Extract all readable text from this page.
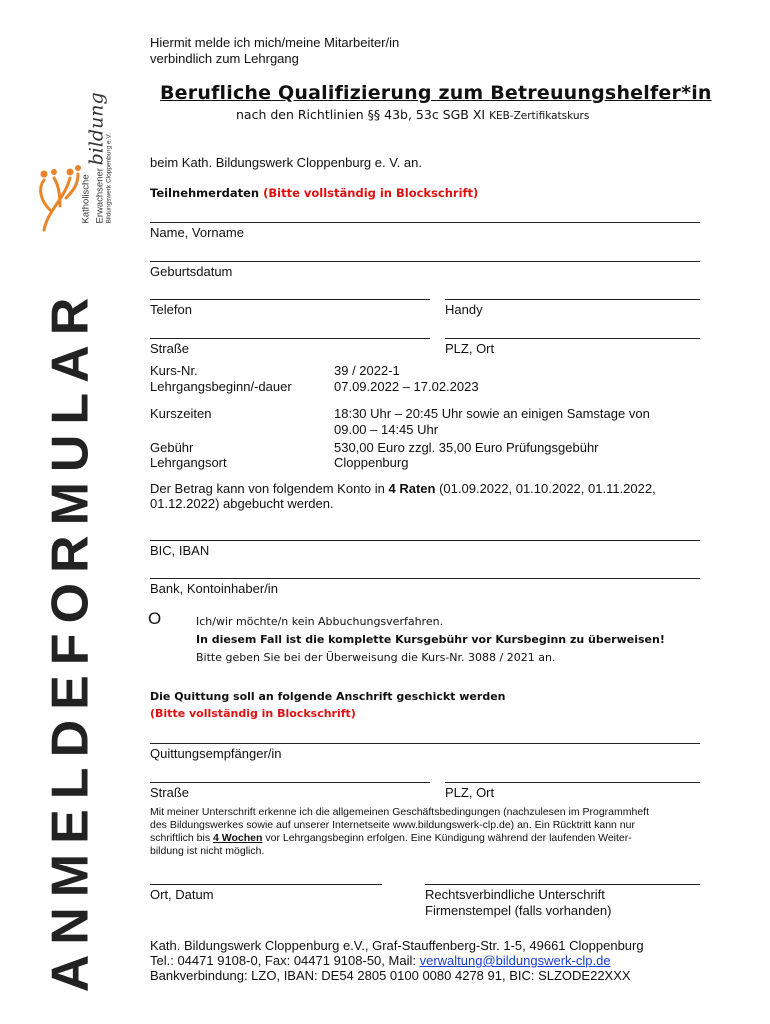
Katholische Erwachsener bildung
Bildungswerk Cloppenburg e.V.
ANMELDEFORMULAR
Hiermit melde ich mich/meine Mitarbeiter/in
verbindlich zum Lehrgang
Berufliche Qualifizierung zum Betreuungshelfer*in
nach den Richtlinien §§ 43b, 53c SGB XI KEB-Zertifikatskurs
beim Kath. Bildungswerk Cloppenburg e. V. an.
Teilnehmerdaten (Bitte vollständig in Blockschrift)
Name, Vorname
Geburtsdatum
Telefon	Handy
Straße	PLZ, Ort
Kurs-Nr.	39 / 2022-1
Lehrgangsbeginn/-dauer	07.09.2022 – 17.02.2023
Kurszeiten	18:30 Uhr – 20:45 Uhr sowie an einigen Samstage von
09.00 – 14:45 Uhr
Gebühr	530,00 Euro zzgl. 35,00 Euro Prüfungsgebühr
Lehrgangsort	Cloppenburg
Der Betrag kann von folgendem Konto in 4 Raten (01.09.2022, 01.10.2022, 01.11.2022,
01.12.2022) abgebucht werden.
BIC, IBAN
Bank, Kontoinhaber/in
O	Ich/wir möchte/n kein Abbuchungsverfahren.
In diesem Fall ist die komplette Kursgebühr vor Kursbeginn zu überweisen!
Bitte geben Sie bei der Überweisung die Kurs-Nr. 3088 / 2021 an.
Die Quittung soll an folgende Anschrift geschickt werden
(Bitte vollständig in Blockschrift)
Quittungsempfänger/in
Straße	PLZ, Ort
Mit meiner Unterschrift erkenne ich die allgemeinen Geschäftsbedingungen (nachzulesen im Programmheft
des Bildungswerkes sowie auf unserer Internetseite www.bildungswerk-clp.de) an. Ein Rücktritt kann nur
schriftlich bis 4 Wochen vor Lehrgangsbeginn erfolgen. Eine Kündigung während der laufenden Weiter-
bildung ist nicht möglich.
Ort, Datum	Rechtsverbindliche Unterschrift
Firmenstempel (falls vorhanden)
Kath. Bildungswerk Cloppenburg e.V., Graf-Stauffenberg-Str. 1-5, 49661 Cloppenburg
Tel.: 04471 9108-0, Fax: 04471 9108-50, Mail: verwaltung@bildungswerk-clp.de
Bankverbindung: LZO, IBAN: DE54 2805 0100 0080 4278 91, BIC: SLZODE22XXX
